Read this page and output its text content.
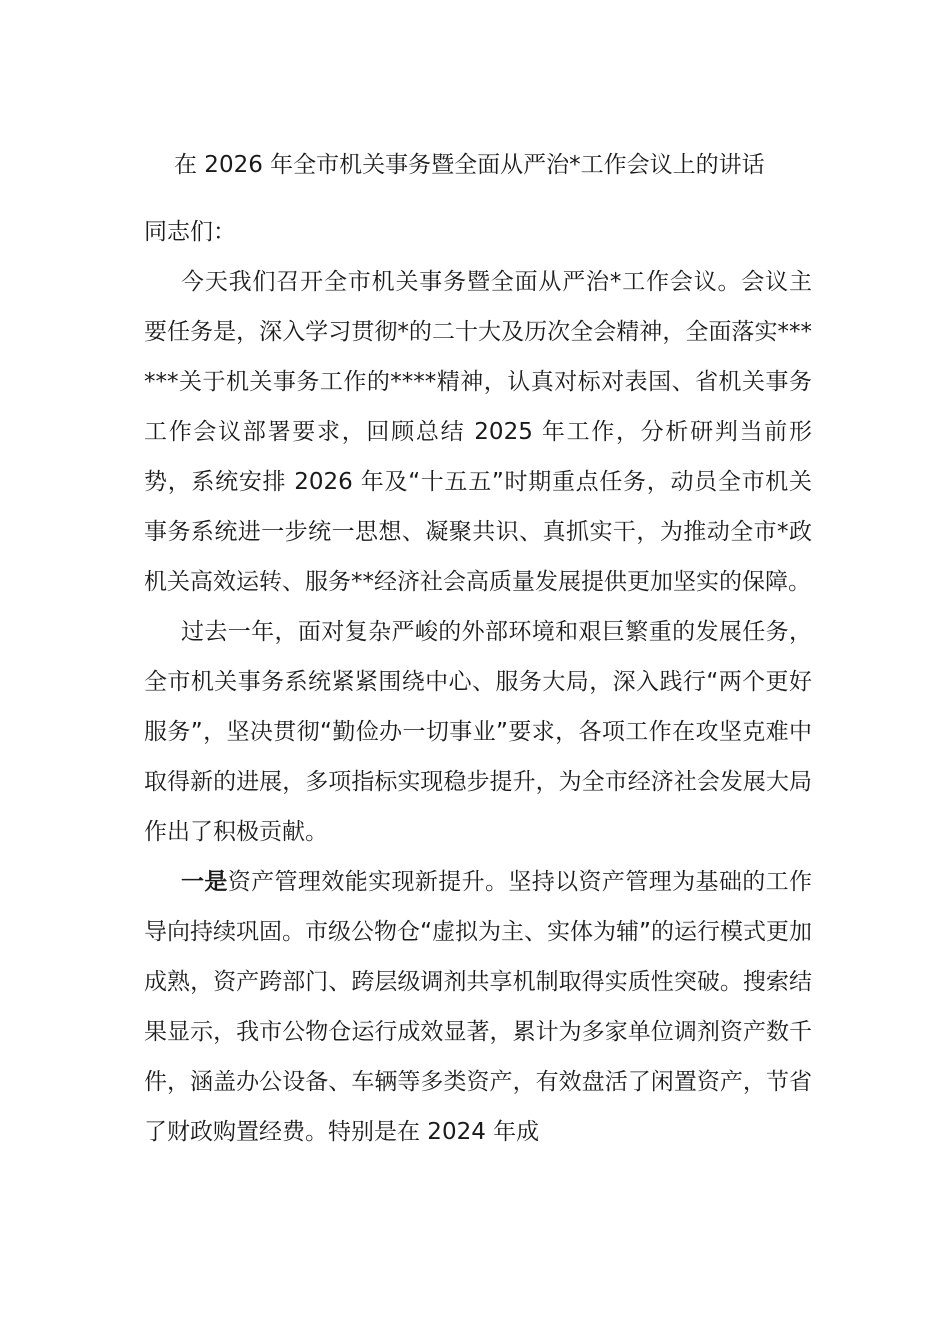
在 2026 年全市机关事务暨全面从严治*工作会议上的讲话

同志们：

今天我们召开全市机关事务暨全面从严治*工作会议。会议主要任务是，深入学习贯彻*的二十大及历次全会精神，全面落实******关于机关事务工作的****精神，认真对标对表国、省机关事务工作会议部署要求，回顾总结 2025 年工作，分析研判当前形势，系统安排 2026 年及“十五五”时期重点任务，动员全市机关事务系统进一步统一思想、凝聚共识、真抓实干，为推动全市*政机关高效运转、服务**经济社会高质量发展提供更加坚实的保障。

过去一年，面对复杂严峻的外部环境和艰巨繁重的发展任务，全市机关事务系统紧紧围绕中心、服务大局，深入践行“两个更好服务”，坚决贯彻“勤俭办一切事业”要求，各项工作在攻坚克难中取得新的进展，多项指标实现稳步提升，为全市经济社会发展大局作出了积极贡献。

一是资产管理效能实现新提升。坚持以资产管理为基础的工作导向持续巩固。市级公物仓“虚拟为主、实体为辅”的运行模式更加成熟，资产跨部门、跨层级调剂共享机制取得实质性突破。搜索结果显示，我市公物仓运行成效显著，累计为多家单位调剂资产数千件，涵盖办公设备、车辆等多类资产，有效盘活了闲置资产，节省了财政购置经费。特别是在 2024 年成
